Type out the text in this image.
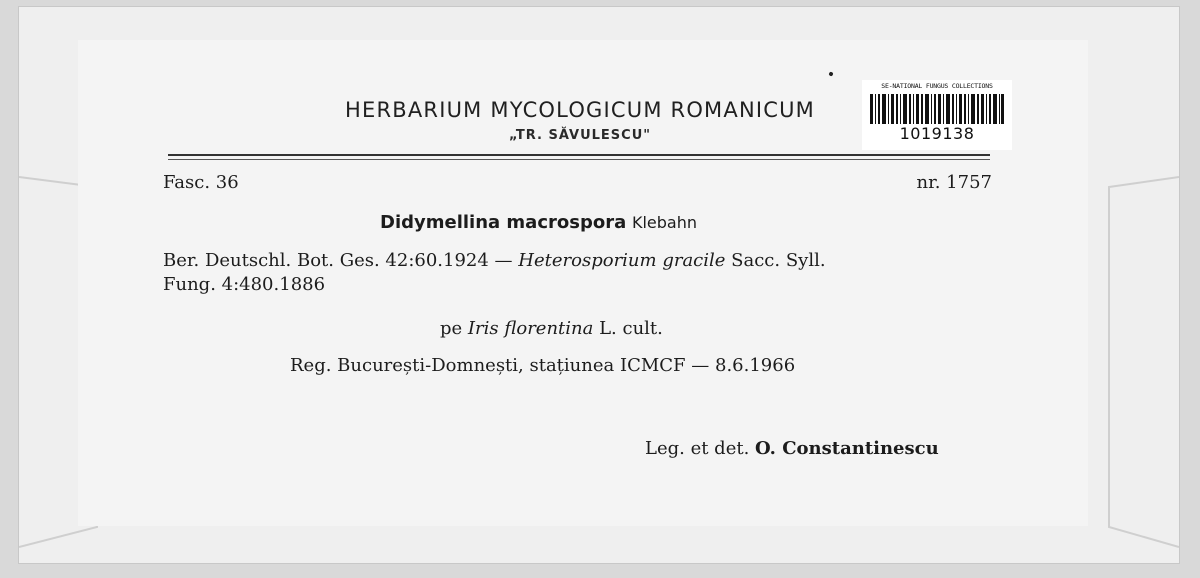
HERBARIUM MYCOLOGICUM ROMANICUM
„TR. SĂVULESCU"
SE-NATIONAL FUNGUS COLLECTIONS
1019138
Fasc. 36	nr. 1757
Didymellina macrospora Klebahn
Ber. Deutschl. Bot. Ges. 42:60.1924 — Heterosporium gracile Sacc. Syll.
Fung. 4:480.1886
pe Iris florentina L. cult.
Reg. București-Domnești, stațiunea ICMCF — 8.6.1966
Leg. et det. O. Constantinescu
